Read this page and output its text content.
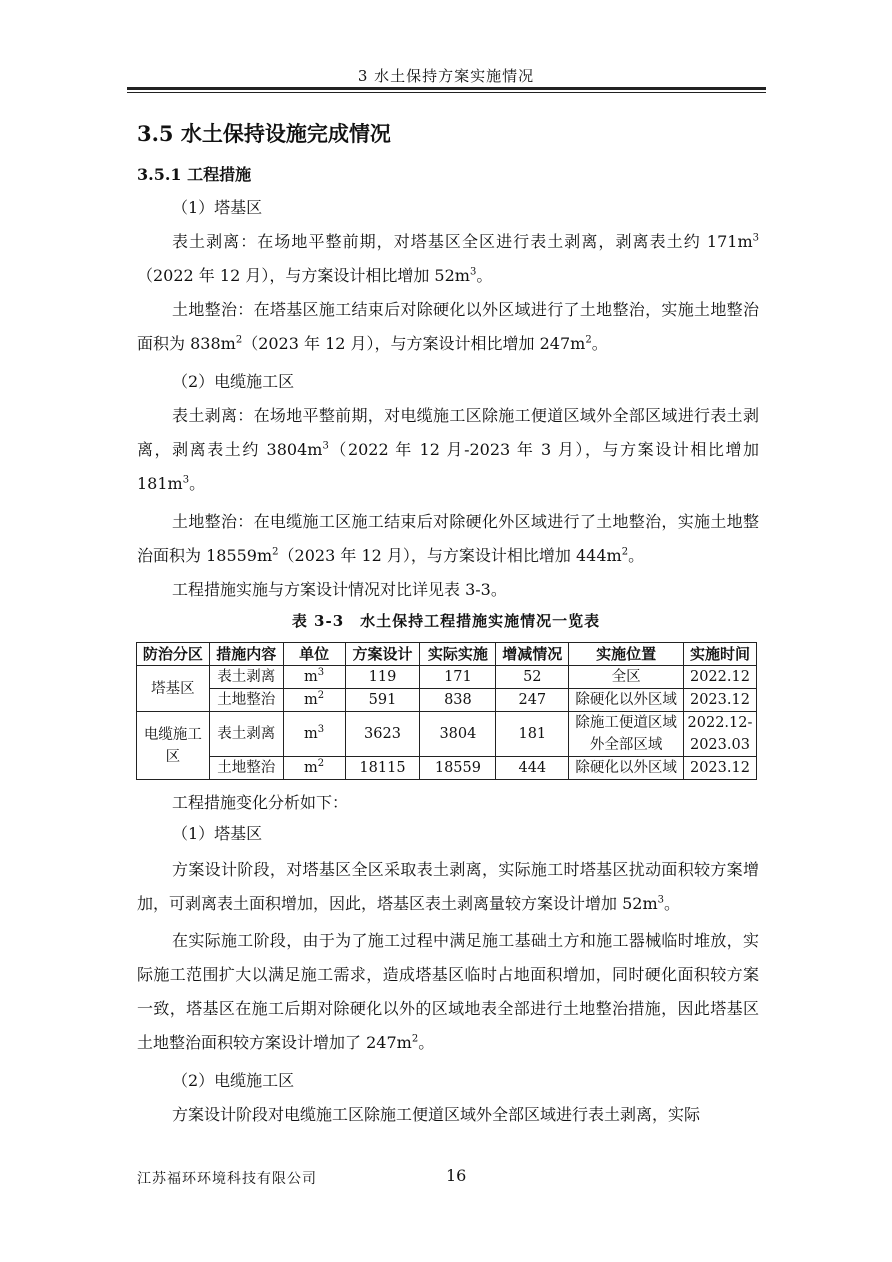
3 水土保持方案实施情况
3.5 水土保持设施完成情况
3.5.1 工程措施
（1）塔基区
表土剥离：在场地平整前期，对塔基区全区进行表土剥离，剥离表土约 $171m^3(2022$ 年 12 月），与方案设计相比增加 $52m^3$。
土地整治：在塔基区施工结束后对除硬化以外区域进行了土地整治，实施土地整治面积为 $838m^2(2023$ 年 12 月），与方案设计相比增加 $247m^2$。
（2）电缆施工区
表土剥离：在场地平整前期，对电缆施工区除施工便道区域外全部区域进行表土剥离，剥离表土约 $3804m^3(2022$ 年 12 月-2023 年 3 月），与方案设计相比增加 $181m^3$。
土地整治：在电缆施工区施工结束后对除硬化外区域进行了土地整治，实施土地整治面积为 $18559m^2(2023$ 年 12 月），与方案设计相比增加 $444m^2$。
工程措施实施与方案设计情况对比详见表 3-3。
表 3-3　水土保持工程措施实施情况一览表
防治分区	措施内容	单位	方案设计	实际实施	增减情况	实施位置	实施时间
塔基区	表土剥离	$m^3$	119	171	52	全区	2022.12
	土地整治	$m^2$	591	838	247	除硬化以外区域	2023.12
电缆施工区	表土剥离	$m^3$	3623	3804	181	除施工便道区域外全部区域	2022.12-2023.03
	土地整治	$m^2$	18115	18559	444	除硬化以外区域	2023.12
工程措施变化分析如下：
（1）塔基区
方案设计阶段，对塔基区全区采取表土剥离，实际施工时塔基区扰动面积较方案增加，可剥离表土面积增加，因此，塔基区表土剥离量较方案设计增加 $52m^3$。
在实际施工阶段，由于为了施工过程中满足施工基础土方和施工器械临时堆放，实际施工范围扩大以满足施工需求，造成塔基区临时占地面积增加，同时硬化面积较方案一致，塔基区在施工后期对除硬化以外的区域地表全部进行土地整治措施，因此塔基区土地整治面积较方案设计增加了 $247m^2$。
（2）电缆施工区
方案设计阶段对电缆施工区除施工便道区域外全部区域进行表土剥离，实际
江苏福环环境科技有限公司	16
